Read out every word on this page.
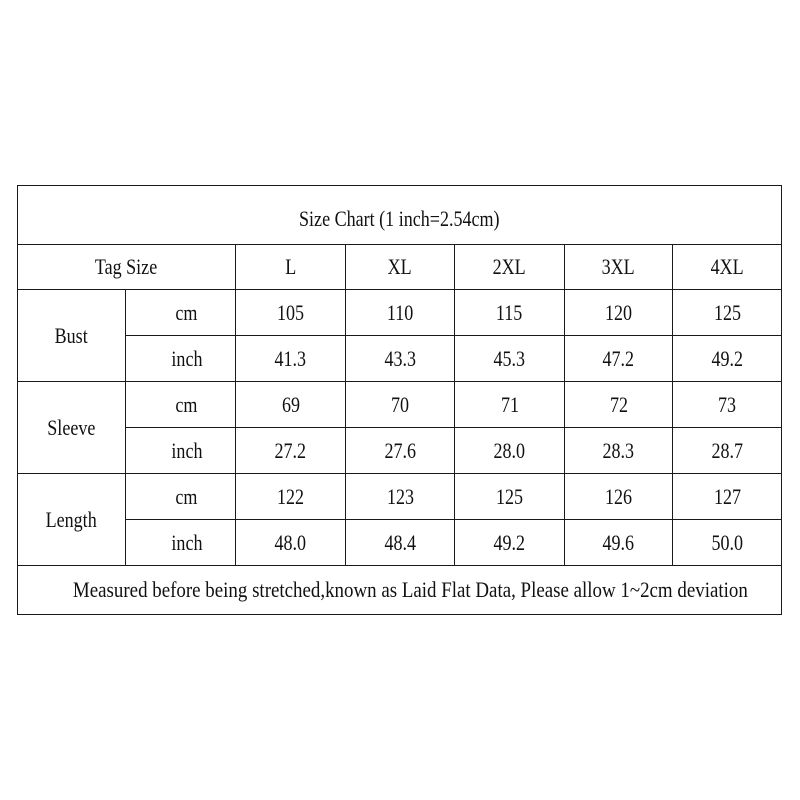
Size Chart (1 inch=2.54cm)						
Tag Size		L	XL	2XL	3XL	4XL
Bust	cm	105	110	115	120	125
	inch	41.3	43.3	45.3	47.2	49.2
Sleeve	cm	69	70	71	72	73
	inch	27.2	27.6	28.0	28.3	28.7
Length	cm	122	123	125	126	127
	inch	48.0	48.4	49.2	49.6	50.0
Measured before being stretched,known as Laid Flat Data, Please allow 1~2cm deviation						
